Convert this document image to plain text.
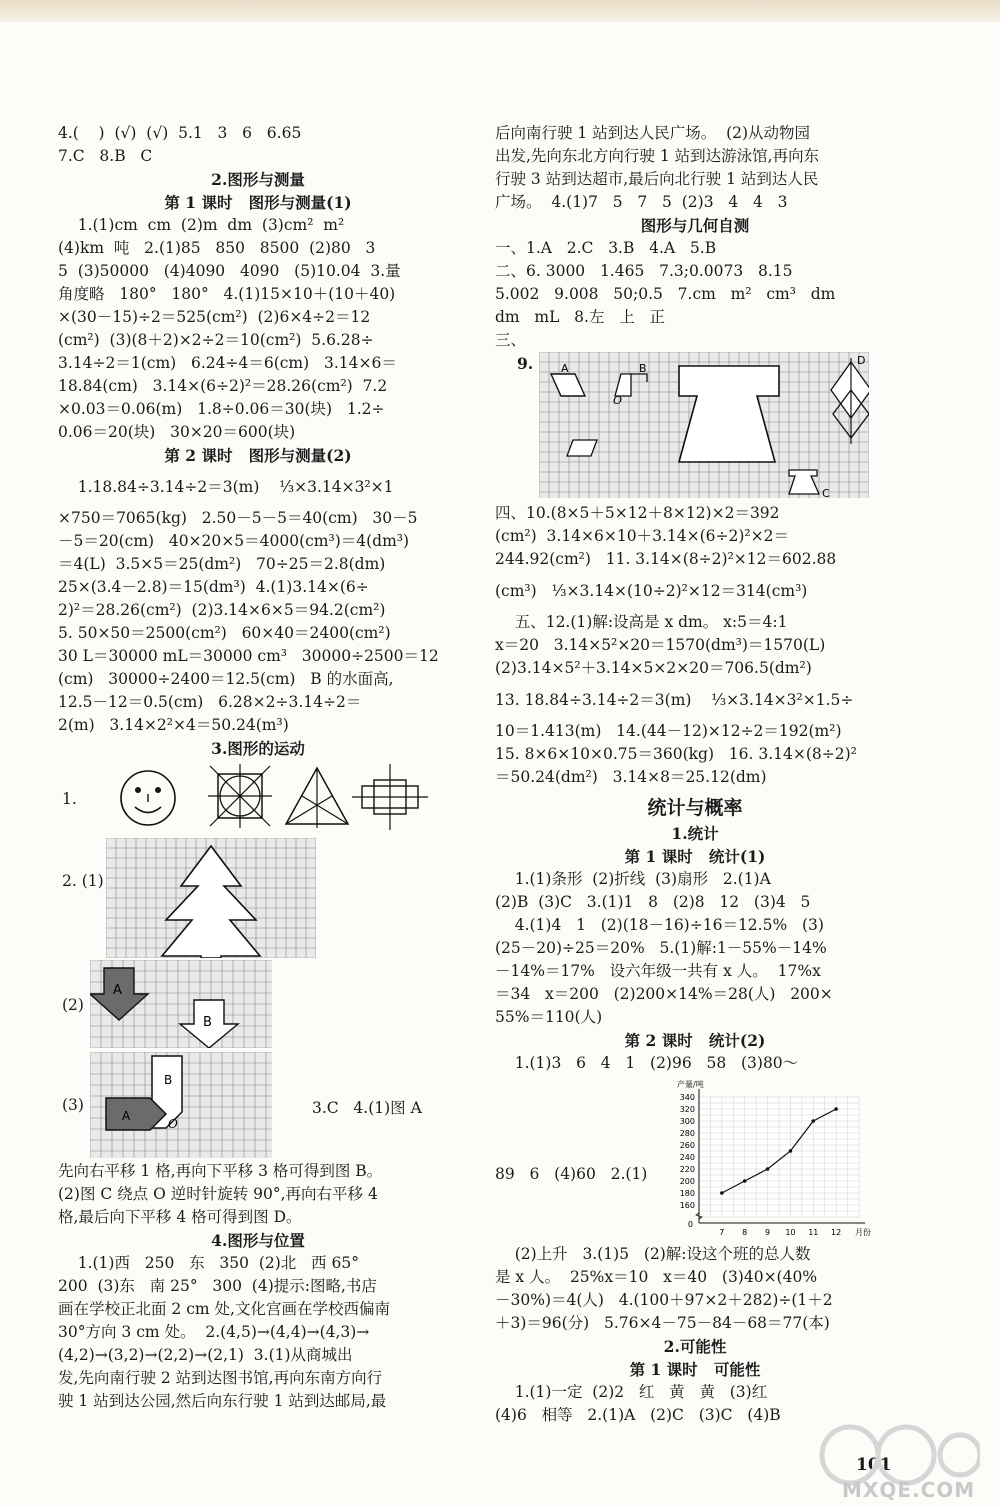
4.(    )  (√)  (√)  5.1   3   6   6.65

7.C   8.B   C

2.图形与测量

第 1 课时   图形与测量(1)

1.(1)cm  cm  (2)m  dm  (3)cm²  m²

(4)km  吨   2.(1)85   850   8500  (2)80   3

5  (3)50000   (4)4090   4090   (5)10.04  3.量

角度略   180°   180°   4.(1)15×10＋(10＋40)

×(30－15)÷2＝525(cm²)  (2)6×4÷2＝12

(cm²)  (3)(8＋2)×2÷2＝10(cm²)  5.6.28÷

3.14÷2＝1(cm)   6.24÷4＝6(cm)   3.14×6＝

18.84(cm)   3.14×(6÷2)²＝28.26(cm²)  7.2

×0.03＝0.06(m)   1.8÷0.06＝30(块)   1.2÷

0.06＝20(块)   30×20＝600(块)

第 2 课时   图形与测量(2)

1.18.84÷3.14÷2＝3(m)    ⅓×3.14×3²×1

×750＝7065(kg)   2.50－5－5＝40(cm)   30－5

－5＝20(cm)   40×20×5＝4000(cm³)＝4(dm³)

＝4(L)  3.5×5＝25(dm²)   70÷25＝2.8(dm)

25×(3.4－2.8)＝15(dm³)  4.(1)3.14×(6÷

2)²＝28.26(cm²)  (2)3.14×6×5＝94.2(cm²)

5. 50×50＝2500(cm²)   60×40＝2400(cm²)

30 L＝30000 mL＝30000 cm³   30000÷2500＝12

(cm)   30000÷2400＝12.5(cm)   B 的水面高,

12.5－12＝0.5(cm)   6.28×2÷3.14÷2＝

2(m)   3.14×2²×4＝50.24(m³)

3.图形的运动

1.
2. (1)
(2)
A
B
(3)
B
A
O
3.C   4.(1)图 A

先向右平移 1 格,再向下平移 3 格可得到图 B。

(2)图 C 绕点 O 逆时针旋转 90°,再向右平移 4

格,最后向下平移 4 格可得到图 D。

4.图形与位置

1.(1)西   250   东   350  (2)北   西 65°

200  (3)东   南 25°   300  (4)提示:图略,书店

画在学校正北面 2 cm 处,文化宫画在学校西偏南

30°方向 3 cm 处。  2.(4,5)→(4,4)→(4,3)→

(4,2)→(3,2)→(2,2)→(2,1)  3.(1)从商城出

发,先向南行驶 2 站到达图书馆,再向东南方向行

驶 1 站到达公园,然后向东行驶 1 站到达邮局,最

后向南行驶 1 站到达人民广场。  (2)从动物园

出发,先向东北方向行驶 1 站到达游泳馆,再向东

行驶 3 站到达超市,最后向北行驶 1 站到达人民

广场。  4.(1)7   5   7   5  (2)3   4   4   3

图形与几何自测

一、1.A   2.C   3.B   4.A   5.B

二、6. 3000   1.465   7.3;0.0073   8.15

5.002   9.008   50;0.5   7.cm   m²   cm³   dm

dm   mL   8.左   上   正

三、

9.	A
O
B
C
D

四、10.(8×5＋5×12＋8×12)×2＝392

(cm²)  3.14×6×10＋3.14×(6÷2)²×2＝

244.92(cm²)   11. 3.14×(8÷2)²×12＝602.88

(cm³)   ⅓×3.14×(10÷2)²×12＝314(cm³)

五、12.(1)解:设高是 x dm。 x:5＝4:1

x＝20   3.14×5²×20＝1570(dm³)＝1570(L)

(2)3.14×5²＋3.14×5×2×20＝706.5(dm²)

13. 18.84÷3.14÷2＝3(m)    ⅓×3.14×3²×1.5÷

10＝1.413(m)   14.(44－12)×12÷2＝192(m²)

15. 8×6×10×0.75＝360(kg)   16. 3.14×(8÷2)²

＝50.24(dm²)   3.14×8＝25.12(dm)

统计与概率

1.统计

第 1 课时   统计(1)

1.(1)条形  (2)折线  (3)扇形   2.(1)A

(2)B  (3)C   3.(1)1   8   (2)8   12   (3)4   5

4.(1)4   1   (2)(18－16)÷16＝12.5%   (3)

(25－20)÷25＝20%   5.(1)解:1－55%－14%

－14%＝17%   设六年级一共有 x 人。  17%x

＝34   x＝200   (2)200×14%＝28(人)   200×

55%＝110(人)

第 2 课时   统计(2)

1.(1)3   6   4   1   (2)96   58   (3)80～

89   6   (4)60   2.(1)
0
160
180
200
220
240
260
280
300
320
340
7 8 9 10 11 12
产量/吨
月份

(2)上升   3.(1)5   (2)解:设这个班的总人数

是 x 人。  25%x＝10   x＝40   (3)40×(40%

－30%)＝4(人)   4.(100＋97×2＋282)÷(1＋2

＋3)＝96(分)   5.76×4－75－84－68＝77(本)

2.可能性

第 1 课时   可能性

1.(1)一定  (2)2   红   黄   黄   (3)红

(4)6   相等   2.(1)A   (2)C   (3)C   (4)B

101
MXQE.COM
